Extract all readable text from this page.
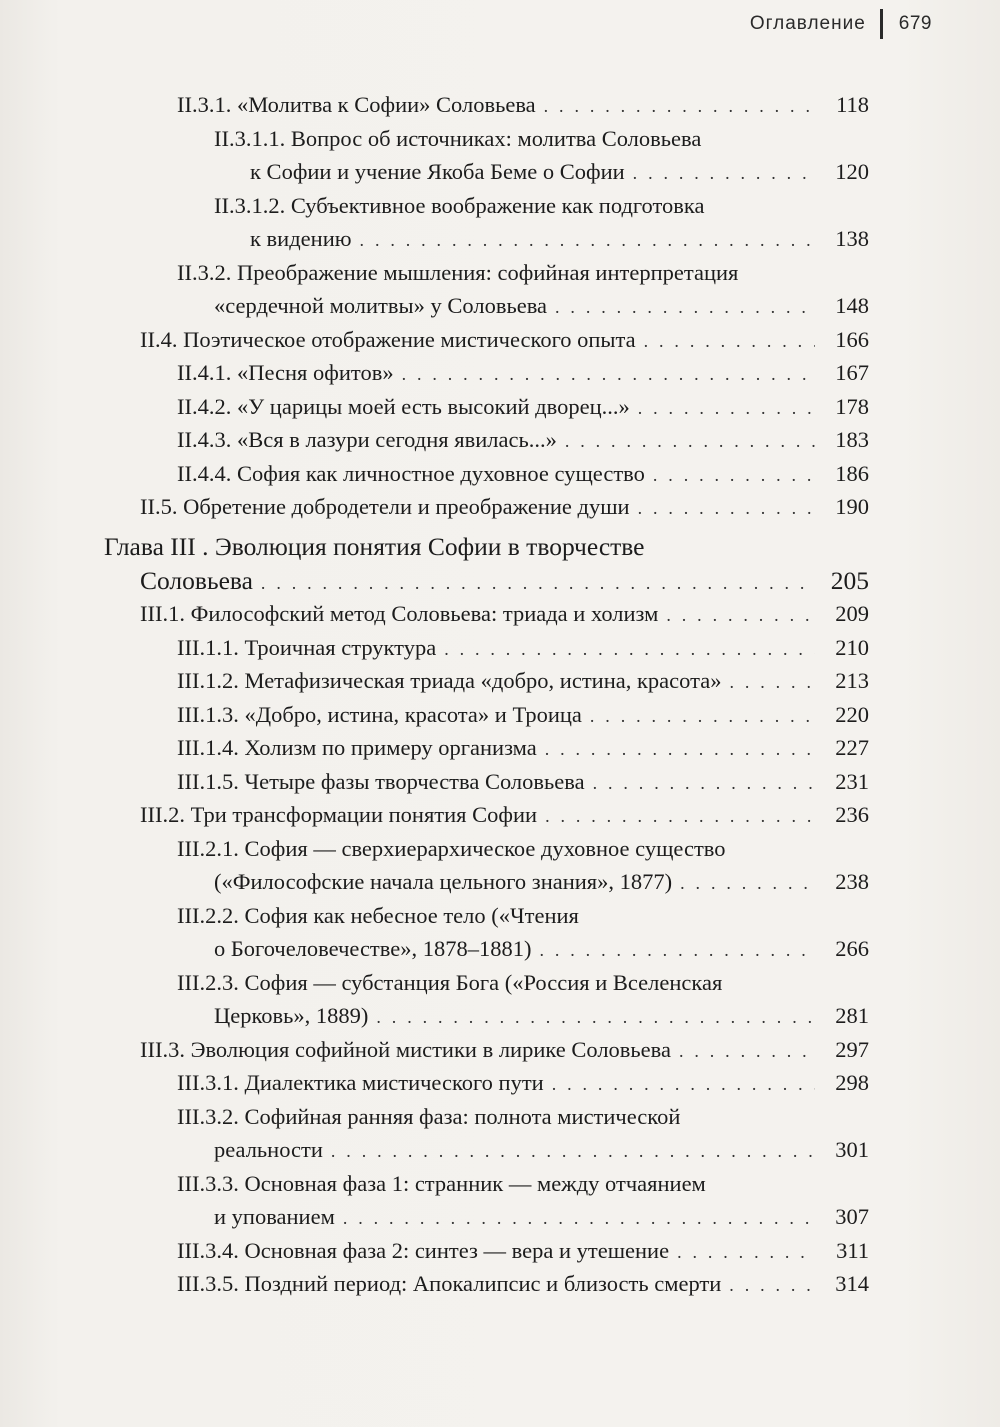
Оглавление 679
II.3.1. «Молитва к Софии» Соловьева . . .	118
II.3.1.1. Вопрос об источниках: молитва Соловьева
к Софии и учение Якоба Беме о Софии . . .	120
II.3.1.2. Субъективное воображение как подготовка
к видению . . .	138
II.3.2. Преображение мышления: софийная интерпретация
«сердечной молитвы» у Соловьева . . .	148
II.4. Поэтическое отображение мистического опыта . . .	166
II.4.1. «Песня офитов» . . .	167
II.4.2. «У царицы моей есть высокий дворец...» . . .	178
II.4.3. «Вся в лазури сегодня явилась...» . . .	183
II.4.4. София как личностное духовное существо . . .	186
II.5. Обретение добродетели и преображение души . . .	190
Глава III . Эволюция понятия Софии в творчестве
Соловьева . . .	205
III.1. Философский метод Соловьева: триада и холизм . . .	209
III.1.1. Троичная структура . . .	210
III.1.2. Метафизическая триада «добро, истина, красота» . . .	213
III.1.3. «Добро, истина, красота» и Троица . . .	220
III.1.4. Холизм по примеру организма . . .	227
III.1.5. Четыре фазы творчества Соловьева . . .	231
III.2. Три трансформации понятия Софии . . .	236
III.2.1. София — сверхиерархическое духовное существо
(«Философские начала цельного знания», 1877) . . .	238
III.2.2. София как небесное тело («Чтения
о Богочеловечестве», 1878–1881) . . .	266
III.2.3. София — субстанция Бога («Россия и Вселенская
Церковь», 1889) . . .	281
III.3. Эволюция софийной мистики в лирике Соловьева . . .	297
III.3.1. Диалектика мистического пути . . .	298
III.3.2. Софийная ранняя фаза: полнота мистической
реальности . . .	301
III.3.3. Основная фаза 1: странник — между отчаянием
и упованием . . .	307
III.3.4. Основная фаза 2: синтез — вера и утешение . . .	311
III.3.5. Поздний период: Апокалипсис и близость смерти . . .	314
